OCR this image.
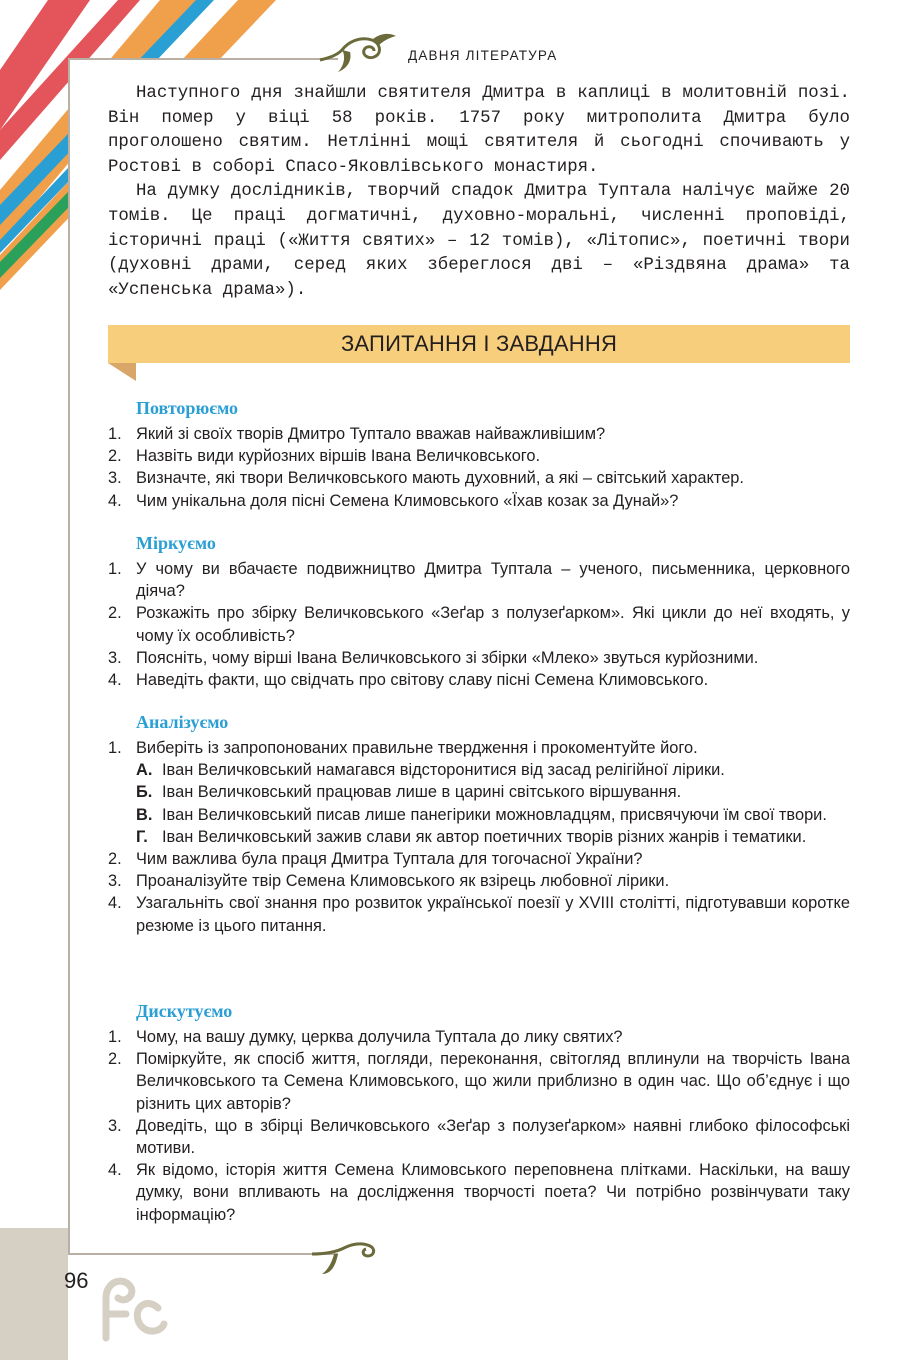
ДАВНЯ ЛІТЕРАТУРА

Наступного дня знайшли святителя Дмитра в каплиці в молитовній позі. Він помер у віці 58 років. 1757 року митрополита Дмитра було проголошено святим. Нетлінні мощі святителя й сьогодні спочивають у Ростові в соборі Спасо-Яковлівського монастиря.

На думку дослідників, творчий спадок Дмитра Туптала налічує майже 20 томів. Це праці догматичні, духовно-моральні, численні проповіді, історичні праці («Життя святих» – 12 томів), «Літопис», поетичні твори (духовні драми, серед яких збереглося дві – «Різдвяна драма» та «Успенська драма»).

ЗАПИТАННЯ І ЗАВДАННЯ
Повторюємо
1. Який зі своїх творів Дмитро Туптало вважав найважливішим?
2. Назвіть види курйозних віршів Івана Величковського.
3. Визначте, які твори Величковського мають духовний, а які – світський характер.
4. Чим унікальна доля пісні Семена Климовського «Їхав козак за Дунай»?
Міркуємо
1. У чому ви вбачаєте подвижництво Дмитра Туптала – ученого, письменника, церковного діяча?
2. Розкажіть про збірку Величковського «Зеґар з полузеґарком». Які цикли до неї входять, у чому їх особливість?
3. Поясніть, чому вірші Івана Величковського зі збірки «Млеко» звуться курйозними.
4. Наведіть факти, що свідчать про світову славу пісні Семена Климовського.
Аналізуємо
1. Виберіть із запропонованих правильне твердження і прокоментуйте його.
А. Іван Величковський намагався відсторонитися від засад релігійної лірики.
Б. Іван Величковський працював лише в царині світського віршування.
В. Іван Величковський писав лише панегірики можновладцям, присвячуючи їм свої твори.
Г. Іван Величковський зажив слави як автор поетичних творів різних жанрів і тематики.
2. Чим важлива була праця Дмитра Туптала для тогочасної України?
3. Проаналізуйте твір Семена Климовського як взірець любовної лірики.
4. Узагальніть свої знання про розвиток української поезії у XVIII столітті, підготувавши коротке резюме із цього питання.
Дискутуємо
1. Чому, на вашу думку, церква долучила Туптала до лику святих?
2. Поміркуйте, як спосіб життя, погляди, переконання, світогляд вплинули на творчість Івана Величковського та Семена Климовського, що жили приблизно в один час. Що об’єднує і що різнить цих авторів?
3. Доведіть, що в збірці Величковського «Зеґар з полузеґарком» наявні глибоко філософські мотиви.
4. Як відомо, історія життя Семена Климовського переповнена плітками. Наскільки, на вашу думку, вони впливають на дослідження творчості поета? Чи потрібно розвінчувати таку інформацію?
96
